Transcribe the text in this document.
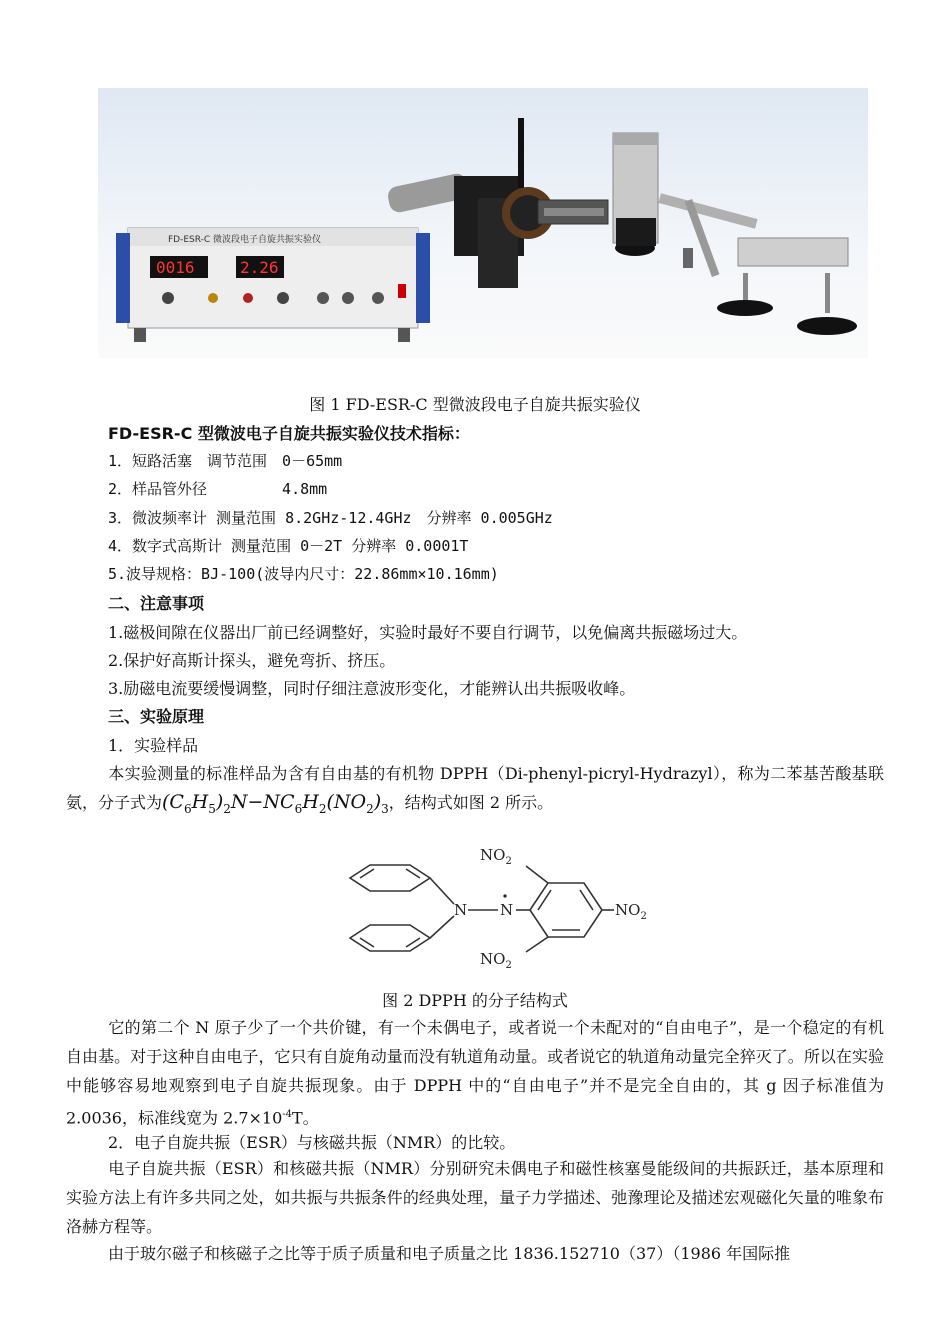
FD-ESR-C 微波段电子自旋共振实验仪
0016	2.26
图 1 FD-ESR-C 型微波段电子自旋共振实验仪
FD-ESR-C 型微波电子自旋共振实验仪技术指标：
1．短路活塞　调节范围　0－65mm
2．样品管外径　　　　　4.8mm
3．微波频率计 测量范围 8.2GHz-12.4GHz　分辨率 0.005GHz
4．数字式高斯计 测量范围 0－2T 分辨率 0.0001T
5.波导规格：BJ-100(波导内尺寸：22.86mm×10.16mm)
二、注意事项
1.磁极间隙在仪器出厂前已经调整好，实验时最好不要自行调节，以免偏离共振磁场过大。
2.保护好高斯计探头，避免弯折、挤压。
3.励磁电流要缓慢调整，同时仔细注意波形变化，才能辨认出共振吸收峰。
三、实验原理
1．实验样品
本实验测量的标准样品为含有自由基的有机物 DPPH（Di-phenyl-picryl-Hydrazyl），称为二苯基苦酸基联氨，分子式为$(C_6H_5)_2N-NC_6H_2(NO_2)_3$，结构式如图 2 所示。
N N
$NO_2$
$NO_2$
$NO_2$
图 2 DPPH 的分子结构式
它的第二个 N 原子少了一个共价键，有一个未偶电子，或者说一个未配对的“自由电子”，是一个稳定的有机自由基。对于这种自由电子，它只有自旋角动量而没有轨道角动量。或者说它的轨道角动量完全猝灭了。所以在实验中能够容易地观察到电子自旋共振现象。由于 DPPH 中的“自由电子”并不是完全自由的，其 g 因子标准值为 2.0036，标准线宽为 $2.7\times 10^{-4}T$。
2．电子自旋共振（ESR）与核磁共振（NMR）的比较。
电子自旋共振（ESR）和核磁共振（NMR）分别研究未偶电子和磁性核塞曼能级间的共振跃迁，基本原理和实验方法上有许多共同之处，如共振与共振条件的经典处理，量子力学描述、弛豫理论及描述宏观磁化矢量的唯象布洛赫方程等。
由于玻尔磁子和核磁子之比等于质子质量和电子质量之比 1836.152710（37）（1986 年国际推
